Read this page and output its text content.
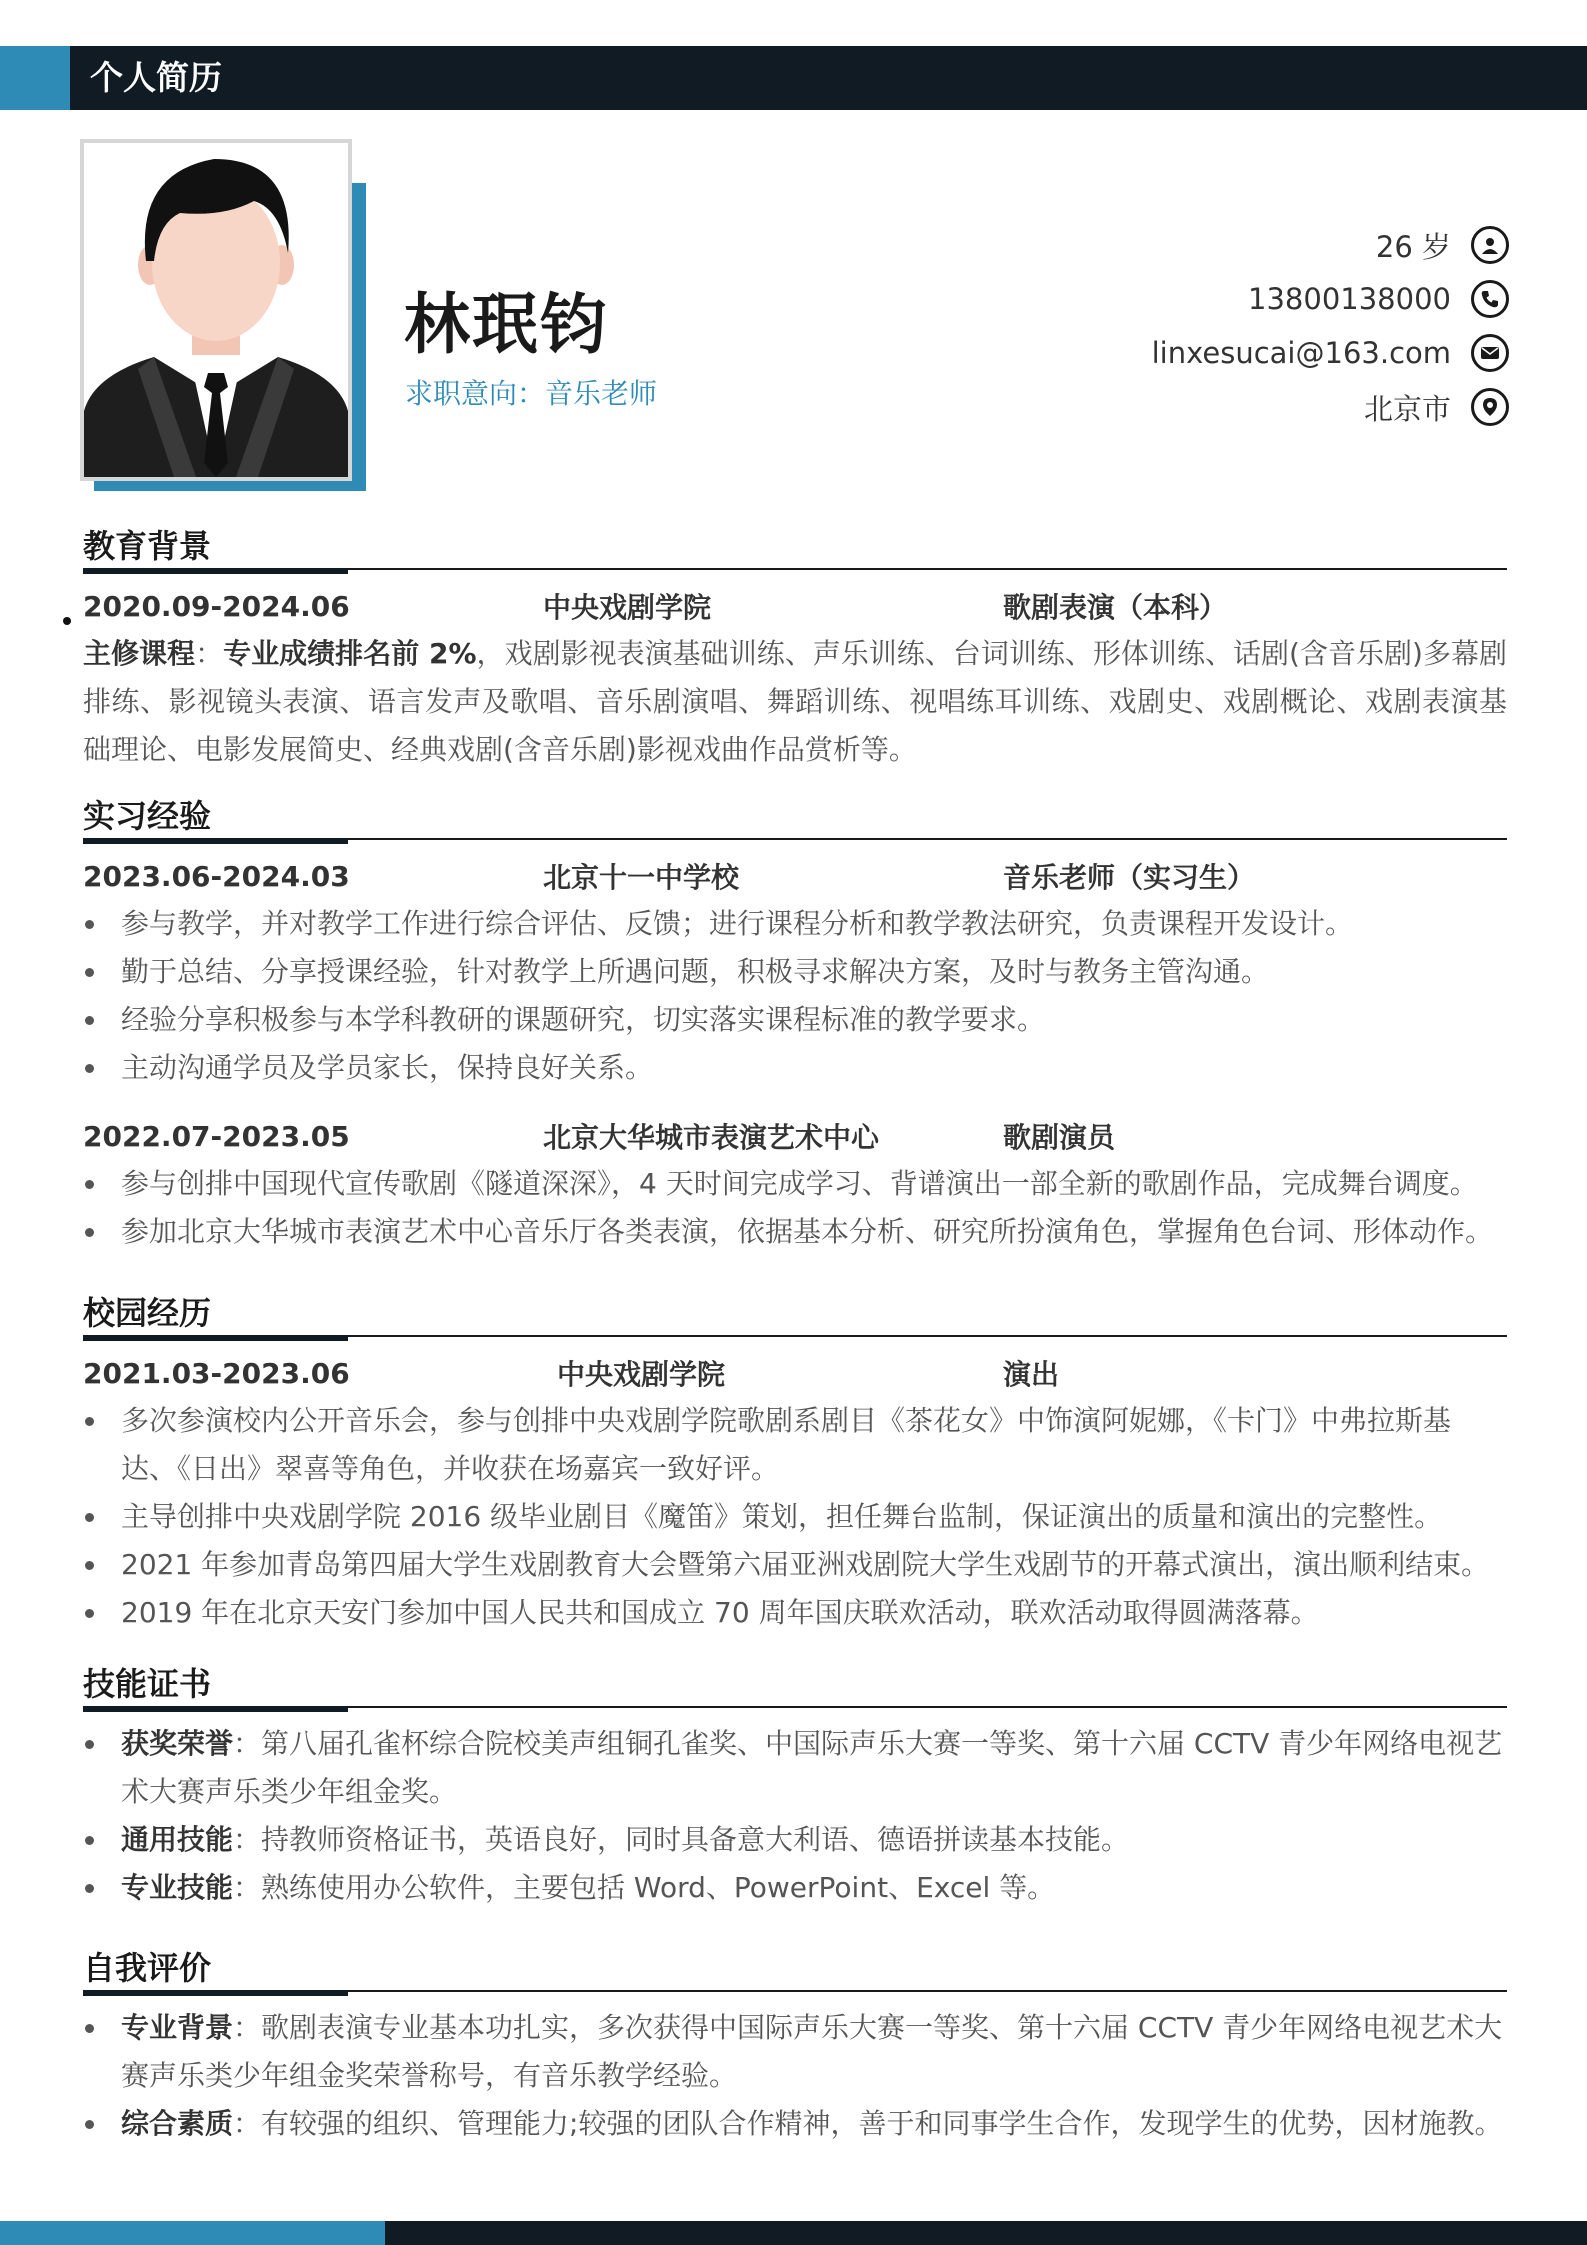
个人简历
林珉钧
求职意向：音乐老师
26 岁
13800138000
linxesucai@163.com
北京市
教育背景
2020.09-2024.06	中央戏剧学院	歌剧表演（本科）

主修课程：专业成绩排名前 2%，戏剧影视表演基础训练、声乐训练、台词训练、形体训练、话剧(含音乐剧)多幕剧排练、影视镜头表演、语言发声及歌唱、音乐剧演唱、舞蹈训练、视唱练耳训练、戏剧史、戏剧概论、戏剧表演基础理论、电影发展简史、经典戏剧(含音乐剧)影视戏曲作品赏析等。

实习经验
2023.06-2024.03	北京十一中学校	音乐老师（实习生）
参与教学，并对教学工作进行综合评估、反馈；进行课程分析和教学教法研究，负责课程开发设计。
勤于总结、分享授课经验，针对教学上所遇问题，积极寻求解决方案，及时与教务主管沟通。
经验分享积极参与本学科教研的课题研究，切实落实课程标准的教学要求。
主动沟通学员及学员家长，保持良好关系。
2022.07-2023.05	北京大华城市表演艺术中心	歌剧演员
参与创排中国现代宣传歌剧《隧道深深》，4 天时间完成学习、背谱演出一部全新的歌剧作品，完成舞台调度。
参加北京大华城市表演艺术中心音乐厅各类表演，依据基本分析、研究所扮演角色，掌握角色台词、形体动作。
校园经历
2021.03-2023.06	中央戏剧学院	演出
多次参演校内公开音乐会，参与创排中央戏剧学院歌剧系剧目《茶花女》中饰演阿妮娜，《卡门》中弗拉斯基达、《日出》翠喜等角色，并收获在场嘉宾一致好评。
主导创排中央戏剧学院 2016 级毕业剧目《魔笛》策划，担任舞台监制，保证演出的质量和演出的完整性。
2021 年参加青岛第四届大学生戏剧教育大会暨第六届亚洲戏剧院大学生戏剧节的开幕式演出，演出顺利结束。
2019 年在北京天安门参加中国人民共和国成立 70 周年国庆联欢活动，联欢活动取得圆满落幕。
技能证书
获奖荣誉：第八届孔雀杯综合院校美声组铜孔雀奖、中国际声乐大赛一等奖、第十六届 CCTV 青少年网络电视艺术大赛声乐类少年组金奖。
通用技能：持教师资格证书，英语良好，同时具备意大利语、德语拼读基本技能。
专业技能：熟练使用办公软件，主要包括 Word、PowerPoint、Excel 等。
自我评价
专业背景：歌剧表演专业基本功扎实，多次获得中国际声乐大赛一等奖、第十六届 CCTV 青少年网络电视艺术大赛声乐类少年组金奖荣誉称号，有音乐教学经验。
综合素质：有较强的组织、管理能力;较强的团队合作精神，善于和同事学生合作，发现学生的优势，因材施教。
